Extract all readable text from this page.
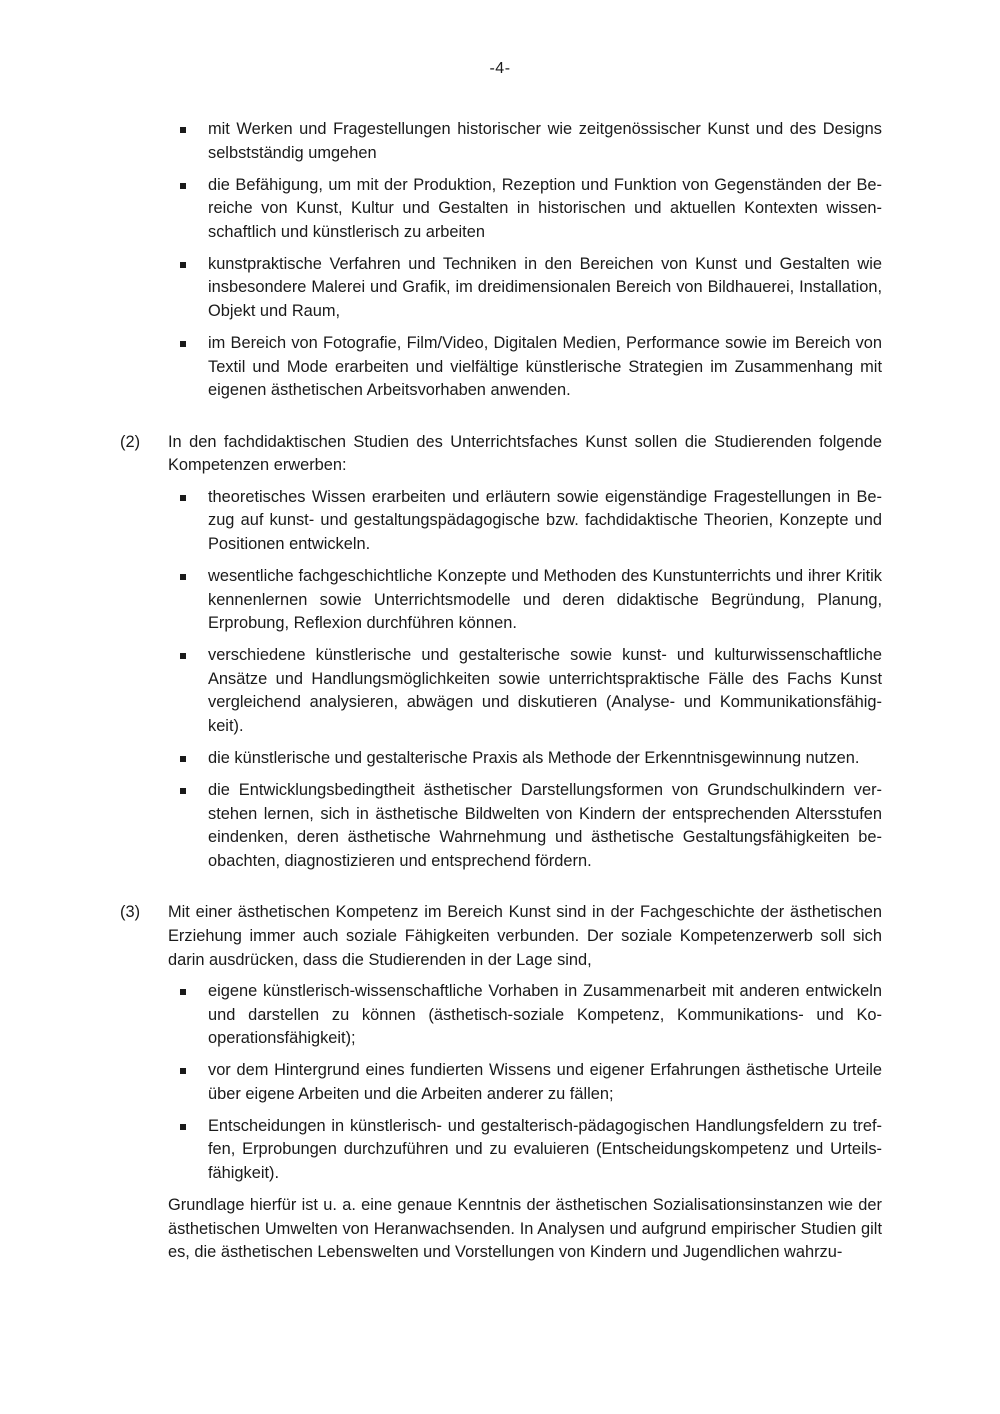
-4-
mit Werken und Fragestellungen historischer wie zeitgenössischer Kunst und des Designs selbstständig umgehen
die Befähigung, um mit der Produktion, Rezeption und Funktion von Gegenständen der Bereiche von Kunst, Kultur und Gestalten in historischen und aktuellen Kontexten wissenschaftlich und künstlerisch zu arbeiten
kunstpraktische Verfahren und Techniken in den Bereichen von Kunst und Gestalten wie insbesondere Malerei und Grafik, im dreidimensionalen Bereich von Bildhauerei, Installation, Objekt und Raum,
im Bereich von Fotografie, Film/Video, Digitalen Medien, Performance sowie im Bereich von Textil und Mode erarbeiten und vielfältige künstlerische Strategien im Zusammenhang mit eigenen ästhetischen Arbeitsvorhaben anwenden.
(2) In den fachdidaktischen Studien des Unterrichtsfaches Kunst sollen die Studierenden folgende Kompetenzen erwerben:
theoretisches Wissen erarbeiten und erläutern sowie eigenständige Fragestellungen in Bezug auf kunst- und gestaltungspädagogische bzw. fachdidaktische Theorien, Konzepte und Positionen entwickeln.
wesentliche fachgeschichtliche Konzepte und Methoden des Kunstunterrichts und ihrer Kritik kennenlernen sowie Unterrichtsmodelle und deren didaktische Begründung, Planung, Erprobung, Reflexion durchführen können.
verschiedene künstlerische und gestalterische sowie kunst- und kulturwissenschaftliche Ansätze und Handlungsmöglichkeiten sowie unterrichtspraktische Fälle des Fachs Kunst vergleichend analysieren, abwägen und diskutieren (Analyse- und Kommunikationsfähigkeit).
die künstlerische und gestalterische Praxis als Methode der Erkenntnisgewinnung nutzen.
die Entwicklungsbedingtheit ästhetischer Darstellungsformen von Grundschulkindern verstehen lernen, sich in ästhetische Bildwelten von Kindern der entsprechenden Altersstufen eindenken, deren ästhetische Wahrnehmung und ästhetische Gestaltungsfähigkeiten beobachten, diagnostizieren und entsprechend fördern.
(3) Mit einer ästhetischen Kompetenz im Bereich Kunst sind in der Fachgeschichte der ästhetischen Erziehung immer auch soziale Fähigkeiten verbunden. Der soziale Kompetenzerwerb soll sich darin ausdrücken, dass die Studierenden in der Lage sind,
eigene künstlerisch-wissenschaftliche Vorhaben in Zusammenarbeit mit anderen entwickeln und darstellen zu können (ästhetisch-soziale Kompetenz, Kommunikations- und Kooperationsfähigkeit);
vor dem Hintergrund eines fundierten Wissens und eigener Erfahrungen ästhetische Urteile über eigene Arbeiten und die Arbeiten anderer zu fällen;
Entscheidungen in künstlerisch- und gestalterisch-pädagogischen Handlungsfeldern zu treffen, Erprobungen durchzuführen und zu evaluieren (Entscheidungskompetenz und Urteilsfähigkeit).
Grundlage hierfür ist u. a. eine genaue Kenntnis der ästhetischen Sozialisationsinstanzen wie der ästhetischen Umwelten von Heranwachsenden. In Analysen und aufgrund empirischer Studien gilt es, die ästhetischen Lebenswelten und Vorstellungen von Kindern und Jugendlichen wahrzu-
